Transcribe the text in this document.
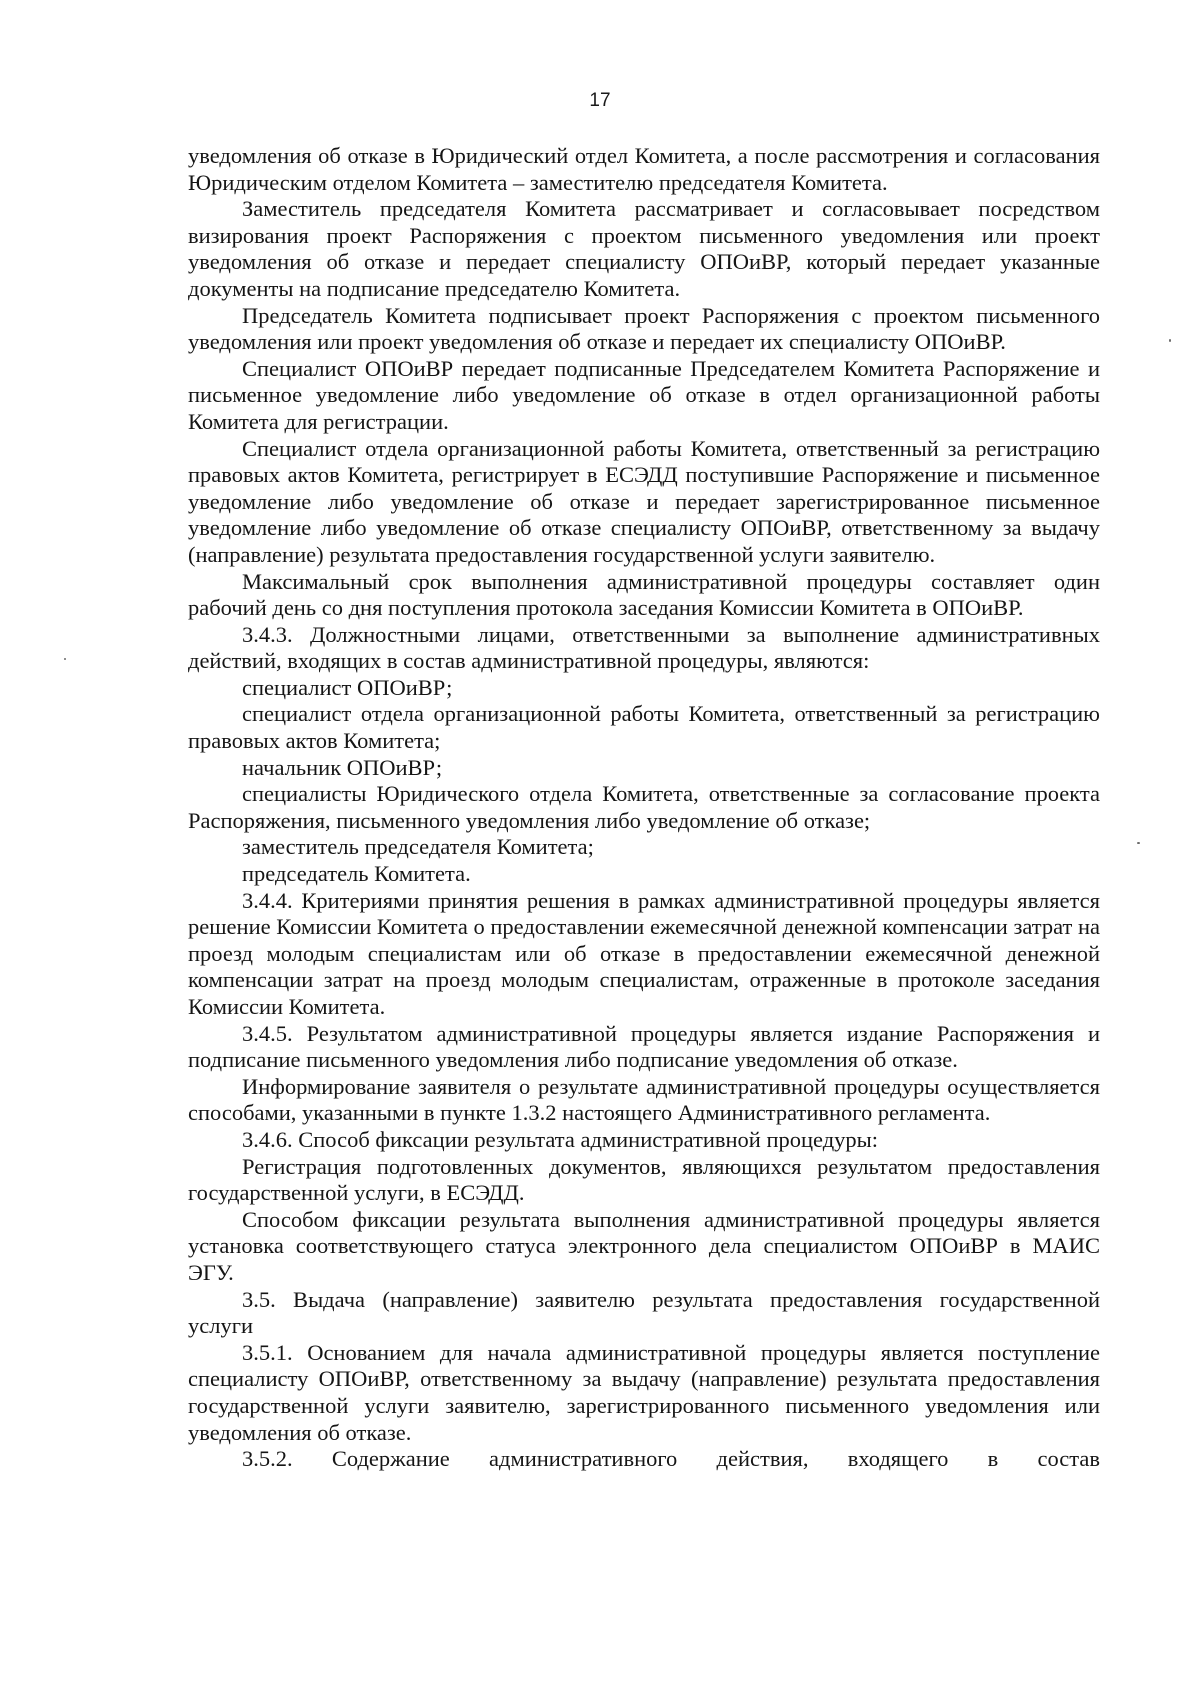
17

уведомления об отказе в Юридический отдел Комитета, а после рассмотрения и согласования Юридическим отделом Комитета – заместителю председателя Комитета.

Заместитель председателя Комитета рассматривает и согласовывает посредством визирования проект Распоряжения с проектом письменного уведомления или проект уведомления об отказе и передает специалисту ОПОиВР, который передает указанные документы на подписание председателю Комитета.

Председатель Комитета подписывает проект Распоряжения с проектом письменного уведомления или проект уведомления об отказе и передает их специалисту ОПОиВР.

Специалист ОПОиВР передает подписанные Председателем Комитета Распоряжение и письменное уведомление либо уведомление об отказе в отдел организационной работы Комитета для регистрации.

Специалист отдела организационной работы Комитета, ответственный за регистрацию правовых актов Комитета, регистрирует в ЕСЭДД поступившие Распоряжение и письменное уведомление либо уведомление об отказе и передает зарегистрированное письменное уведомление либо уведомление об отказе специалисту ОПОиВР, ответственному за выдачу (направление) результата предоставления государственной услуги заявителю.

Максимальный срок выполнения административной процедуры составляет один рабочий день со дня поступления протокола заседания Комиссии Комитета в ОПОиВР.

3.4.3. Должностными лицами, ответственными за выполнение административных действий, входящих в состав административной процедуры, являются:

специалист ОПОиВР;

специалист отдела организационной работы Комитета, ответственный за регистрацию правовых актов Комитета;

начальник ОПОиВР;

специалисты Юридического отдела Комитета, ответственные за согласование проекта Распоряжения, письменного уведомления либо уведомление об отказе;

заместитель председателя Комитета;

председатель Комитета.

3.4.4. Критериями принятия решения в рамках административной процедуры является решение Комиссии Комитета о предоставлении ежемесячной денежной компенсации затрат на проезд молодым специалистам или об отказе в предоставлении ежемесячной денежной компенсации затрат на проезд молодым специалистам, отраженные в протоколе заседания Комиссии Комитета.

3.4.5. Результатом административной процедуры является издание Распоряжения и подписание письменного уведомления либо подписание уведомления об отказе.

Информирование заявителя о результате административной процедуры осуществляется способами, указанными в пункте 1.3.2 настоящего Административного регламента.

3.4.6. Способ фиксации результата административной процедуры:

Регистрация подготовленных документов, являющихся результатом предоставления государственной услуги, в ЕСЭДД.

Способом фиксации результата выполнения административной процедуры является установка соответствующего статуса электронного дела специалистом ОПОиВР в МАИС ЭГУ.

3.5. Выдача (направление) заявителю результата предоставления государственной услуги

3.5.1. Основанием для начала административной процедуры является поступление специалисту ОПОиВР, ответственному за выдачу (направление) результата предоставления государственной услуги заявителю, зарегистрированного письменного уведомления или уведомления об отказе.

3.5.2. Содержание административного действия, входящего в состав
